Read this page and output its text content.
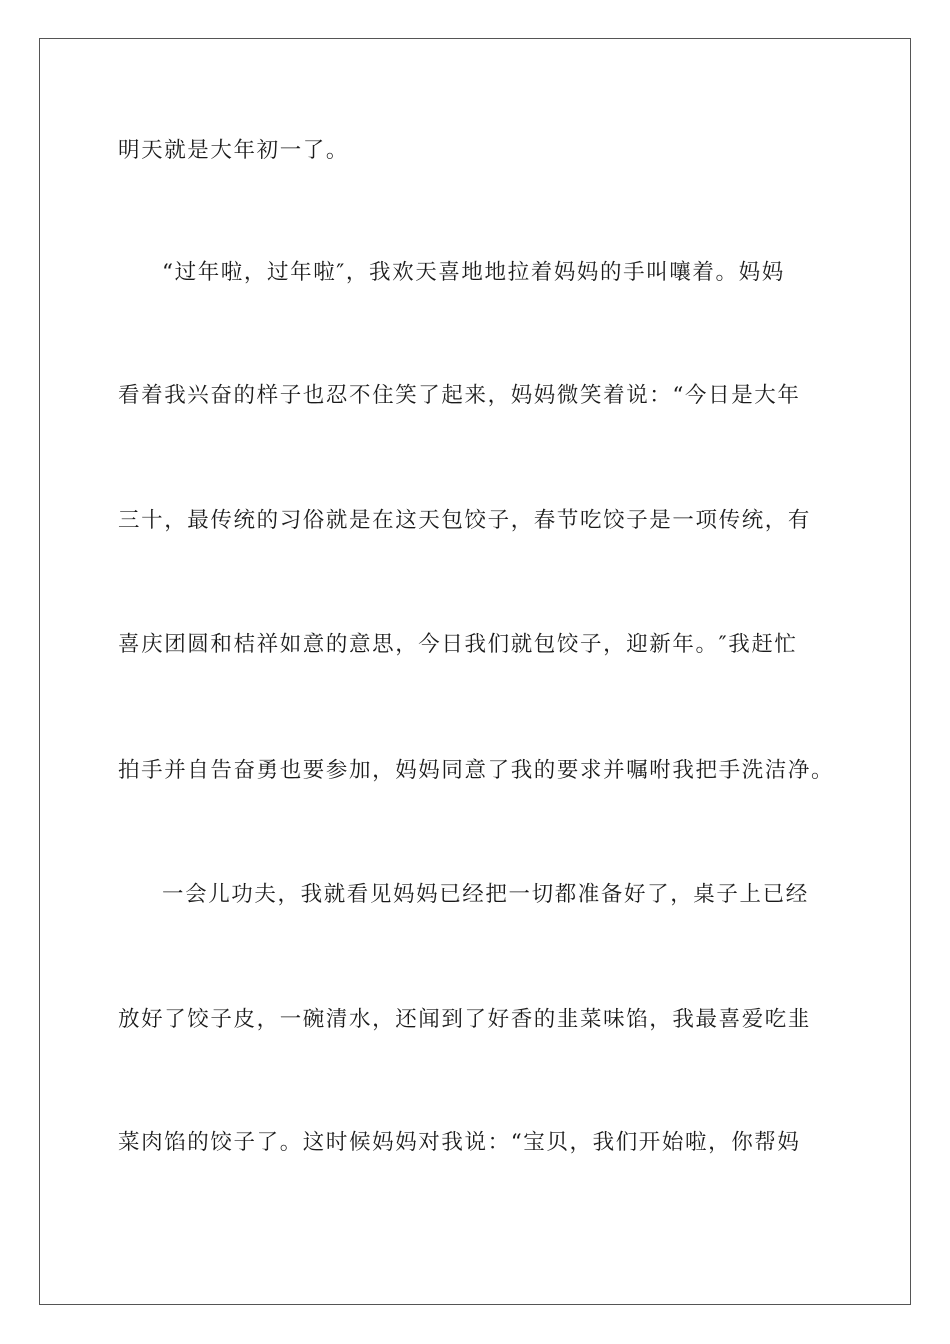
明天就是大年初一了。
“过年啦，过年啦″，我欢天喜地地拉着妈妈的手叫嚷着。妈妈
看着我兴奋的样子也忍不住笑了起来，妈妈微笑着说：“今日是大年
三十，最传统的习俗就是在这天包饺子，春节吃饺子是一项传统，有
喜庆团圆和桔祥如意的意思，今日我们就包饺子，迎新年。″我赶忙
拍手并自告奋勇也要参加，妈妈同意了我的要求并嘱咐我把手洗洁净。
一会儿功夫，我就看见妈妈已经把一切都准备好了，桌子上已经
放好了饺子皮，一碗清水，还闻到了好香的韭菜味馅，我最喜爱吃韭
菜肉馅的饺子了。这时候妈妈对我说：“宝贝，我们开始啦，你帮妈
